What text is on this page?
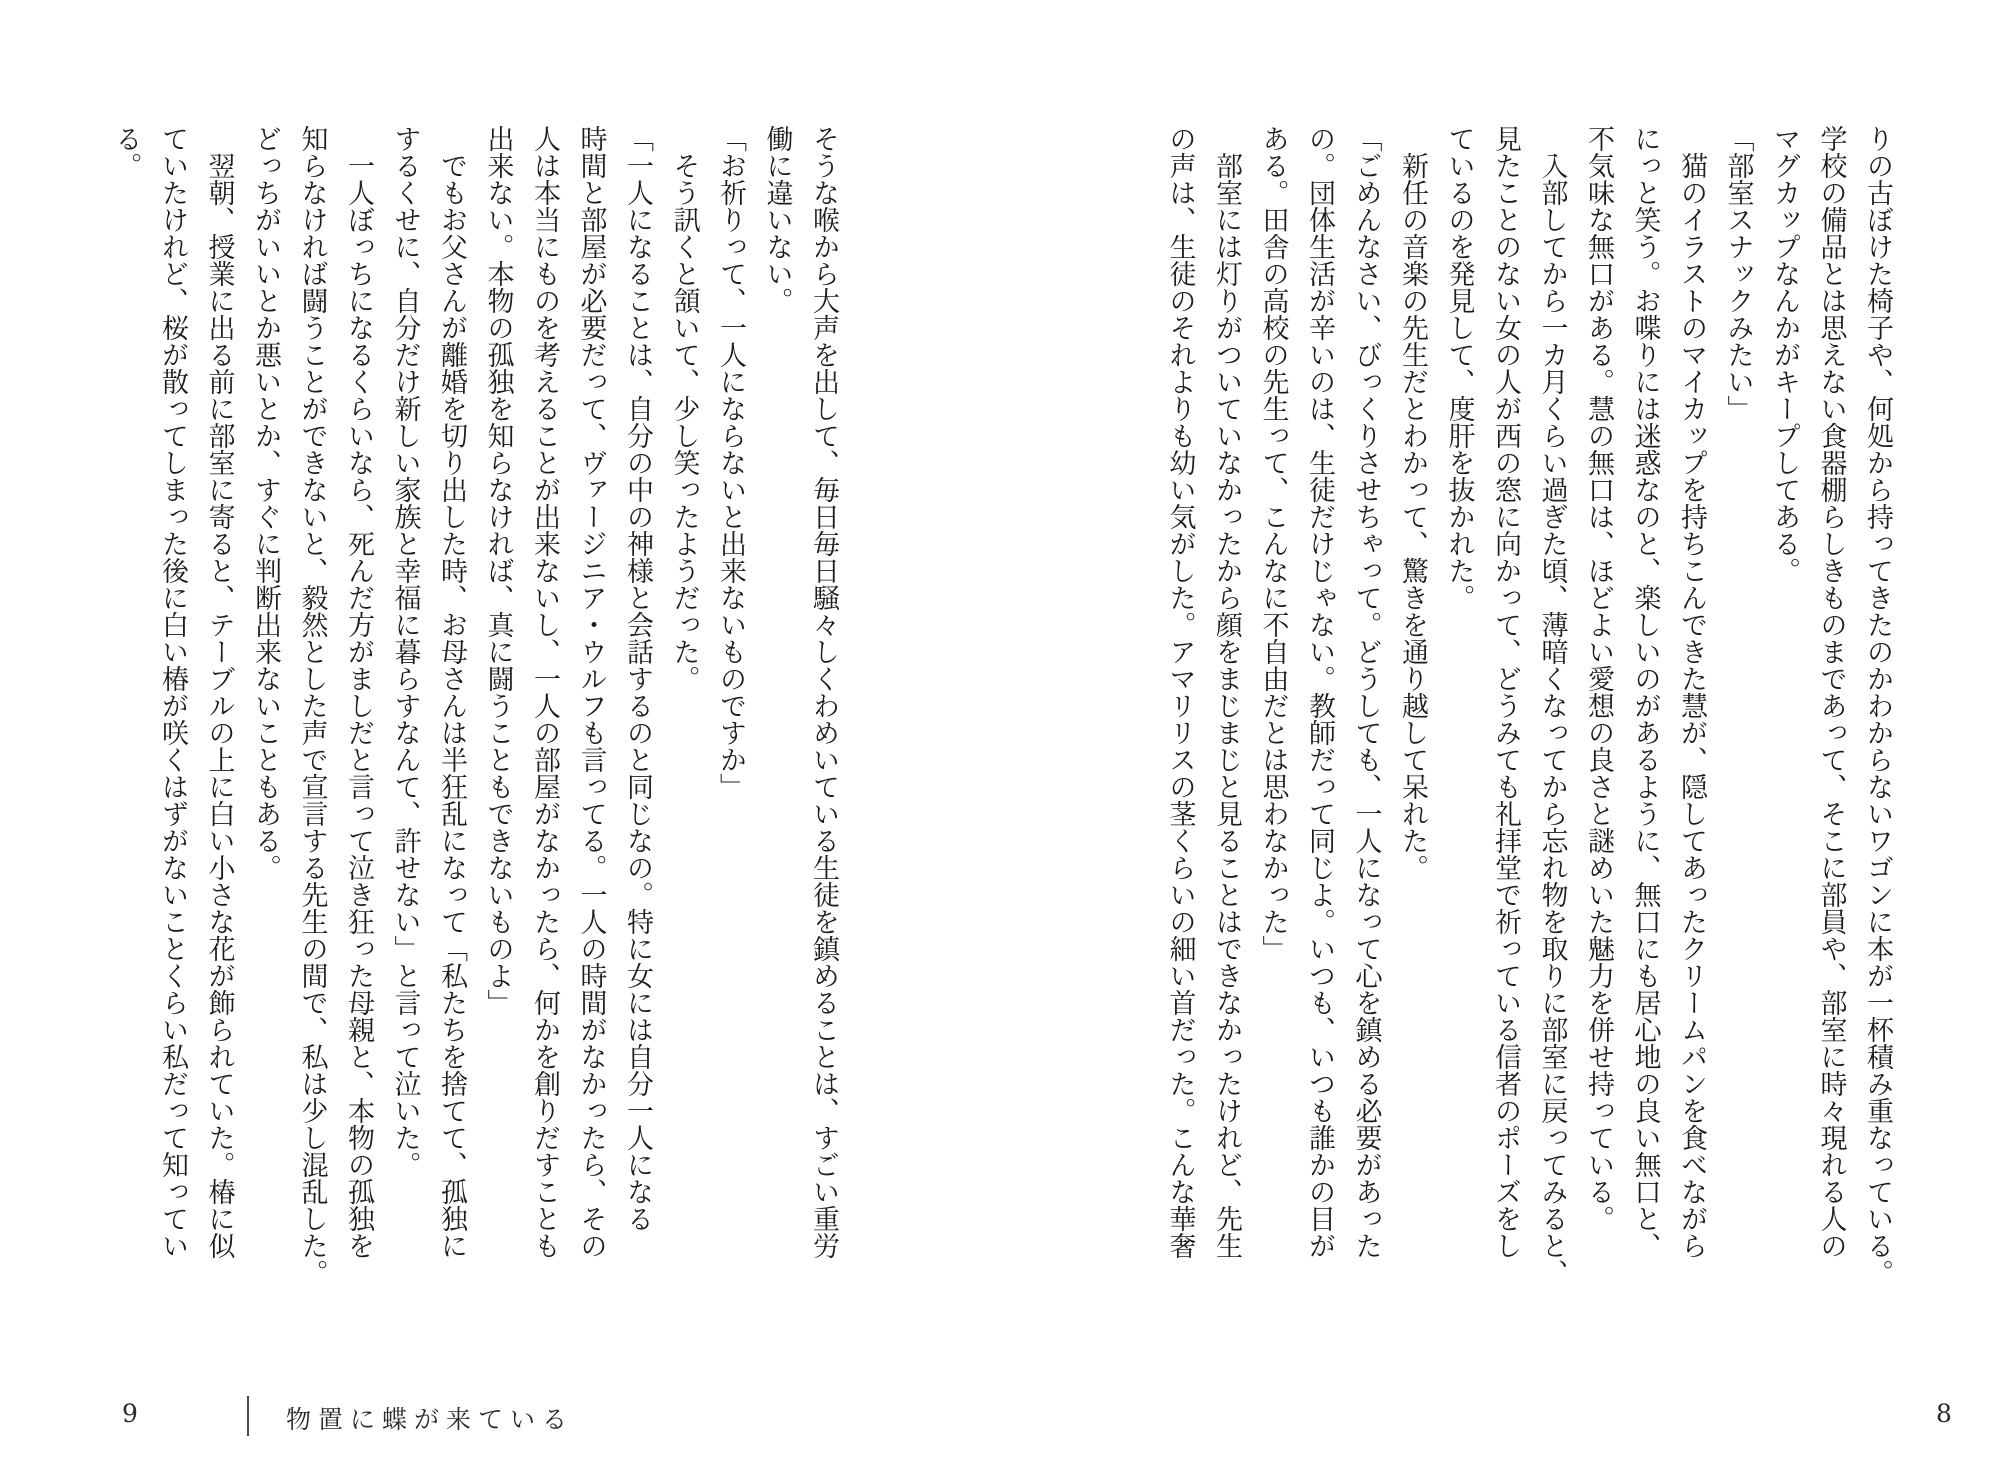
りの古ぼけた椅子や、何処から持ってきたのかわからないワゴンに本が一杯積み重なっている。
学校の備品とは思えない食器棚らしきものまであって、そこに部員や、部室に時々現れる人の
マグカップなんかがキープしてある。
「部室スナックみたい」
猫のイラストのマイカップを持ちこんできた慧が、隠してあったクリームパンを食べながら
にっと笑う。お喋りには迷惑なのと、楽しいのがあるように、無口にも居心地の良い無口と、
不気味な無口がある。慧の無口は、ほどよい愛想の良さと謎めいた魅力を併せ持っている。
入部してから一カ月くらい過ぎた頃、薄暗くなってから忘れ物を取りに部室に戻ってみると、
見たことのない女の人が西の窓に向かって、どうみても礼拝堂で祈っている信者のポーズをし
ているのを発見して、度肝を抜かれた。
新任の音楽の先生だとわかって、驚きを通り越して呆れた。
「ごめんなさい、びっくりさせちゃって。どうしても、一人になって心を鎮める必要があった
の。団体生活が辛いのは、生徒だけじゃない。教師だって同じよ。いつも、いつも誰かの目が
ある。田舎の高校の先生って、こんなに不自由だとは思わなかった」
部室には灯りがついていなかったから顔をまじまじと見ることはできなかったけれど、先生
の声は、生徒のそれよりも幼い気がした。アマリリスの茎くらいの細い首だった。こんな華奢
そうな喉から大声を出して、毎日毎日騒々しくわめいている生徒を鎮めることは、すごい重労
働に違いない。
「お祈りって、一人にならないと出来ないものですか」
そう訊くと頷いて、少し笑ったようだった。
「一人になることは、自分の中の神様と会話するのと同じなの。特に女には自分一人になる
時間と部屋が必要だって、ヴァージニア・ウルフも言ってる。一人の時間がなかったら、その
人は本当にものを考えることが出来ないし、一人の部屋がなかったら、何かを創りだすことも
出来ない。本物の孤独を知らなければ、真に闘うこともできないものよ」
でもお父さんが離婚を切り出した時、お母さんは半狂乱になって「私たちを捨てて、孤独に
するくせに、自分だけ新しい家族と幸福に暮らすなんて、許せない」と言って泣いた。
一人ぼっちになるくらいなら、死んだ方がましだと言って泣き狂った母親と、本物の孤独を
知らなければ闘うことができないと、毅然とした声で宣言する先生の間で、私は少し混乱した。
どっちがいいとか悪いとか、すぐに判断出来ないこともある。
翌朝、授業に出る前に部室に寄ると、テーブルの上に白い小さな花が飾られていた。椿に似
ていたけれど、桜が散ってしまった後に白い椿が咲くはずがないことくらい私だって知ってい
る。
9	物置に蝶が来ている	8
